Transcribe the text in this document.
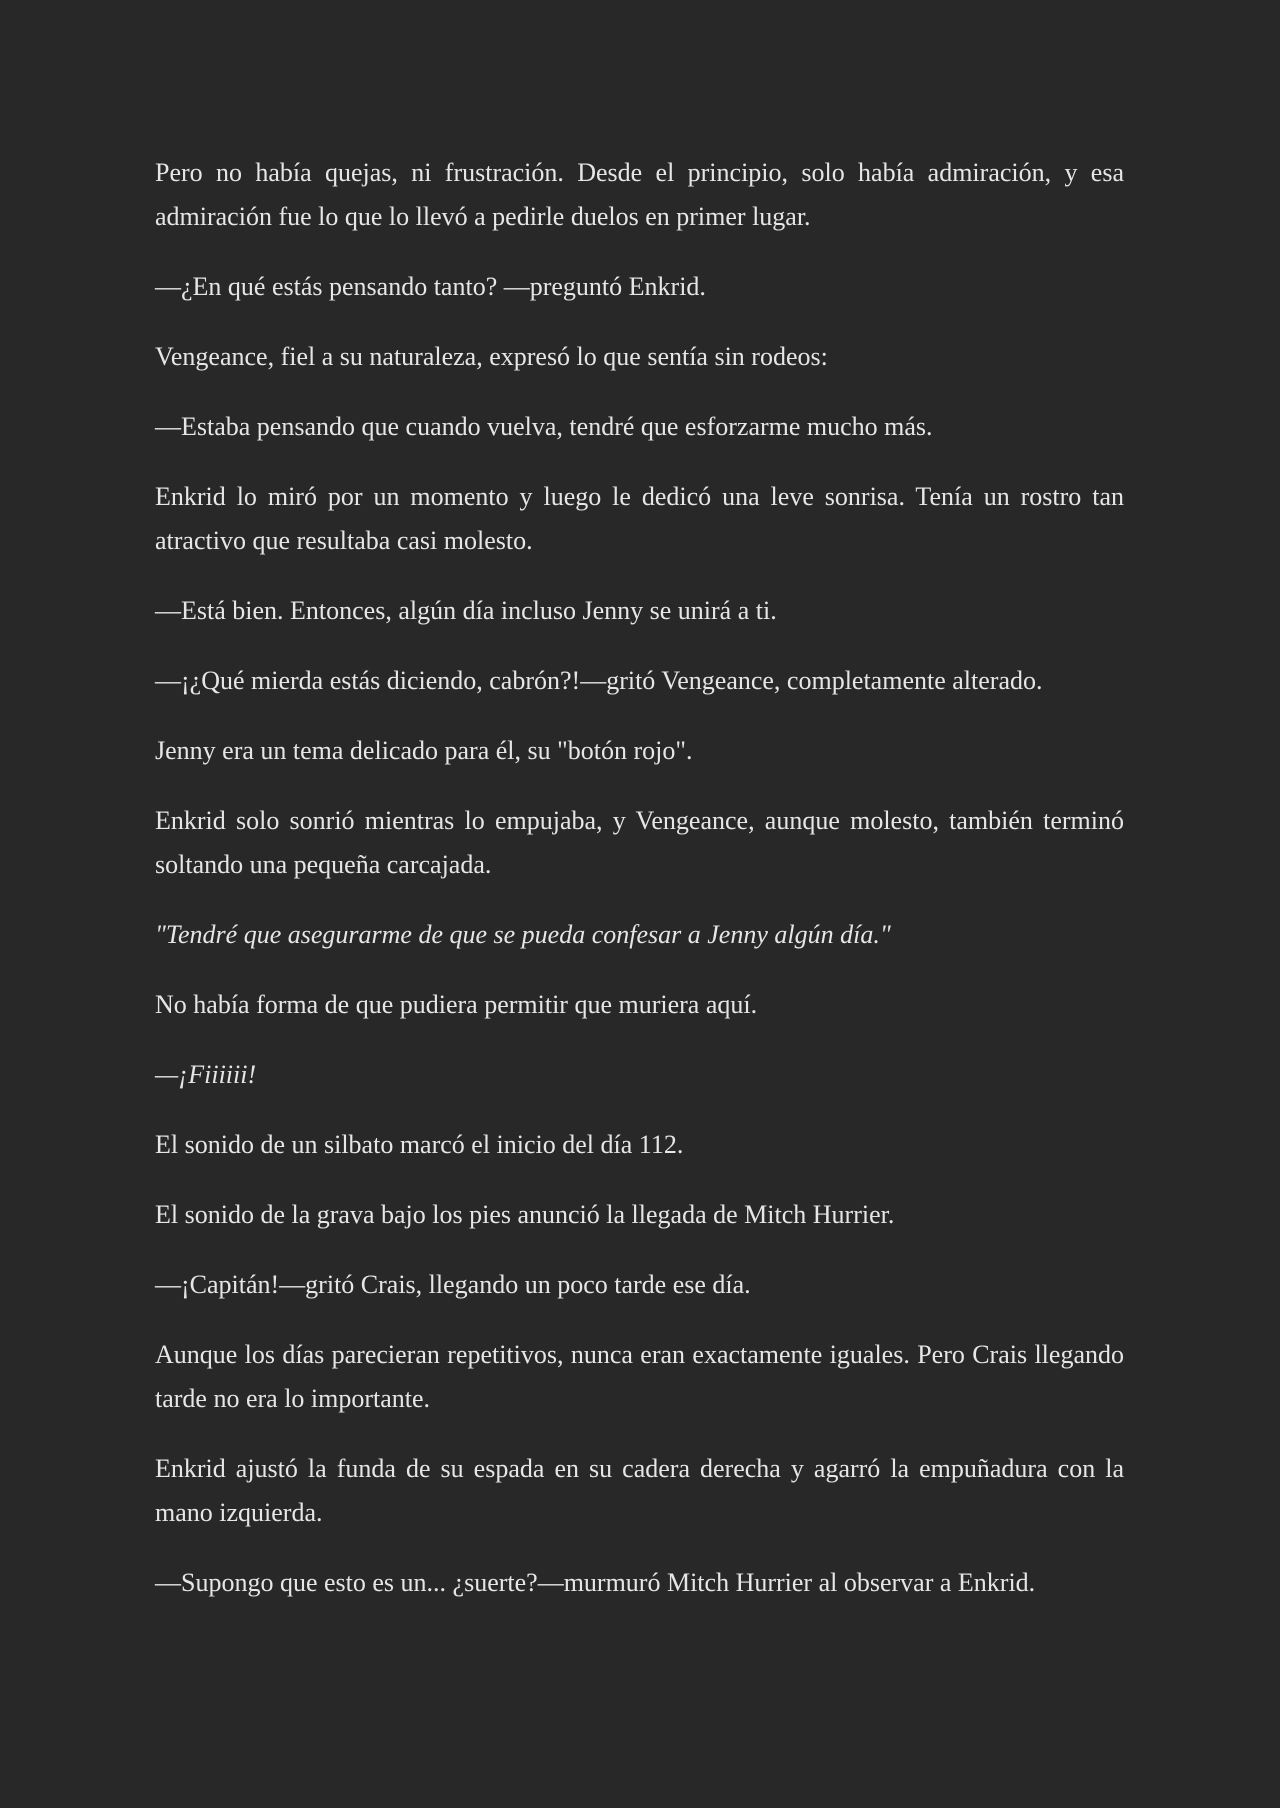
Pero no había quejas, ni frustración. Desde el principio, solo había admiración, y esa admiración fue lo que lo llevó a pedirle duelos en primer lugar.

—¿En qué estás pensando tanto? —preguntó Enkrid.

Vengeance, fiel a su naturaleza, expresó lo que sentía sin rodeos:

—Estaba pensando que cuando vuelva, tendré que esforzarme mucho más.

Enkrid lo miró por un momento y luego le dedicó una leve sonrisa. Tenía un rostro tan atractivo que resultaba casi molesto.

—Está bien. Entonces, algún día incluso Jenny se unirá a ti.

—¡¿Qué mierda estás diciendo, cabrón?!—gritó Vengeance, completamente alterado.

Jenny era un tema delicado para él, su "botón rojo".

Enkrid solo sonrió mientras lo empujaba, y Vengeance, aunque molesto, también terminó soltando una pequeña carcajada.

"Tendré que asegurarme de que se pueda confesar a Jenny algún día."

No había forma de que pudiera permitir que muriera aquí.

—¡Fiiiiii!

El sonido de un silbato marcó el inicio del día 112.

El sonido de la grava bajo los pies anunció la llegada de Mitch Hurrier.

—¡Capitán!—gritó Crais, llegando un poco tarde ese día.

Aunque los días parecieran repetitivos, nunca eran exactamente iguales. Pero Crais llegando tarde no era lo importante.

Enkrid ajustó la funda de su espada en su cadera derecha y agarró la empuñadura con la mano izquierda.

—Supongo que esto es un... ¿suerte?—murmuró Mitch Hurrier al observar a Enkrid.
